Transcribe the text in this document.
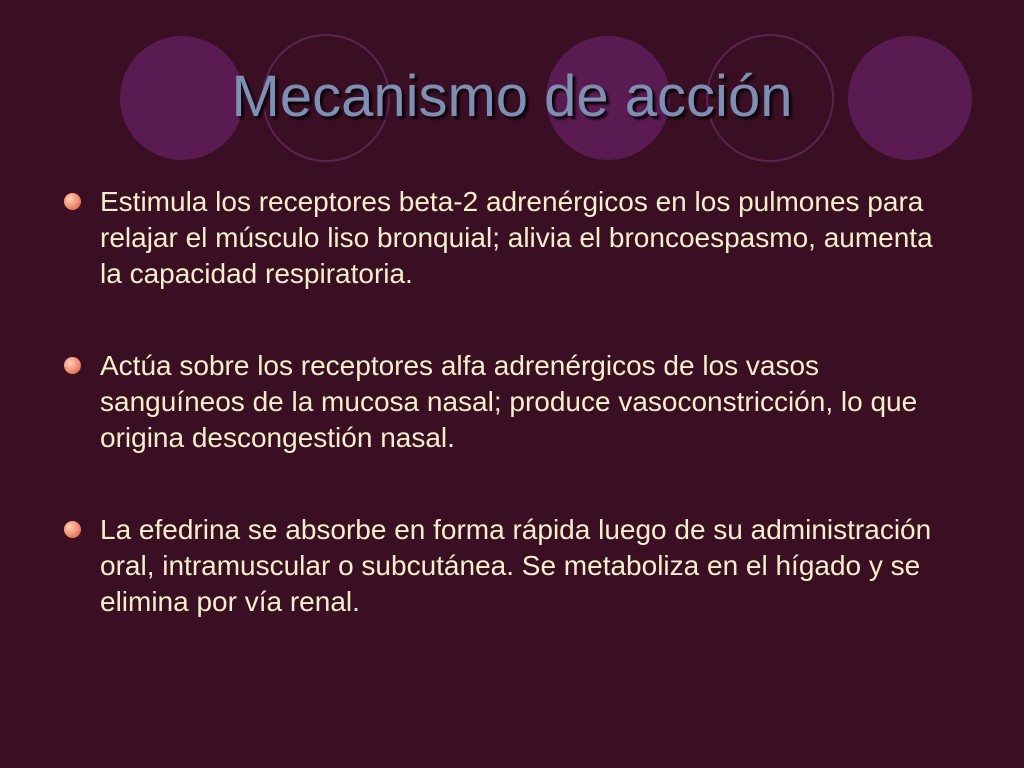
Mecanismo de acción
Estimula los receptores beta-2 adrenérgicos en los pulmones para relajar el músculo liso bronquial; alivia el broncoespasmo, aumenta la capacidad respiratoria.
Actúa sobre los receptores alfa adrenérgicos de los vasos sanguíneos de la mucosa nasal; produce vasoconstricción, lo que origina descongestión nasal.
La efedrina se absorbe en forma rápida luego de su administración oral, intramuscular o subcutánea. Se metaboliza en el hígado y se elimina por vía renal.
